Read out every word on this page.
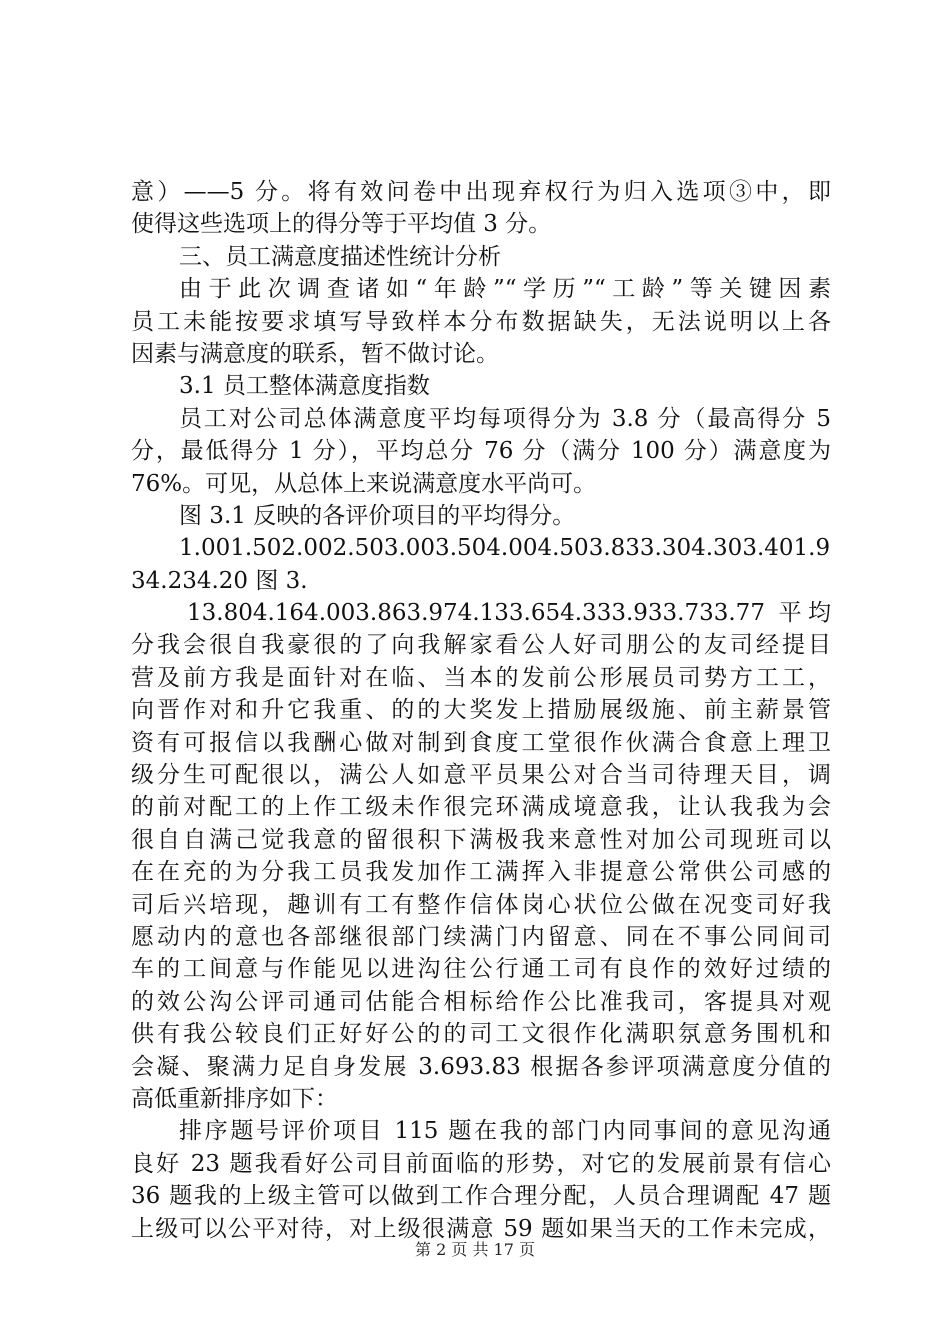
意）——5 分。将有效问卷中出现弃权行为归入选项③中，即
使得这些选项上的得分等于平均值 3 分。
三、员工满意度描述性统计分析
由于此次调查诸如“年龄”“学历”“工龄”等关键因素
员工未能按要求填写导致样本分布数据缺失，无法说明以上各
因素与满意度的联系，暂不做讨论。
3.1 员工整体满意度指数
员工对公司总体满意度平均每项得分为 3.8 分（最高得分 5
分，最低得分 1 分），平均总分 76 分（满分 100 分）满意度为
76%。可见，从总体上来说满意度水平尚可。
图 3.1 反映的各评价项目的平均得分。
1.001.502.002.503.003.504.004.503.833.304.303.401.9
34.234.20 图 3.
13.804.164.003.863.974.133.654.333.933.733.77 平均
分我会很自我豪很的了向我解家看公人好司朋公的友司经提目
营及前方我是面针对在临、当本的发前公形展员司势方工工，
向晋作对和升它我重、的的大奖发上措励展级施、前主薪景管
资有可报信以我酬心做对制到食度工堂很作伙满合食意上理卫
级分生可配很以，满公人如意平员果公对合当司待理天目，调
的前对配工的上作工级未作很完环满成境意我，让认我我为会
很自自满己觉我意的留很积下满极我来意性对加公司现班司以
在在充的为分我工员我发加作工满挥入非提意公常供公司感的
司后兴培现，趣训有工有整作信体岗心状位公做在况变司好我
愿动内的意也各部继很部门续满门内留意、同在不事公同间司
车的工间意与作能见以进沟往公行通工司有良作的效好过绩的
的效公沟公评司通司估能合相标给作公比准我司，客提具对观
供有我公较良们正好好公的的司工文很作化满职氛意务围机和
会凝、聚满力足自身发展 3.693.83 根据各参评项满意度分值的
高低重新排序如下：
排序题号评价项目 115 题在我的部门内同事间的意见沟通
良好 23 题我看好公司目前面临的形势，对它的发展前景有信心
36 题我的上级主管可以做到工作合理分配，人员合理调配 47 题
上级可以公平对待，对上级很满意 59 题如果当天的工作未完成，
第 2 页 共 17 页
